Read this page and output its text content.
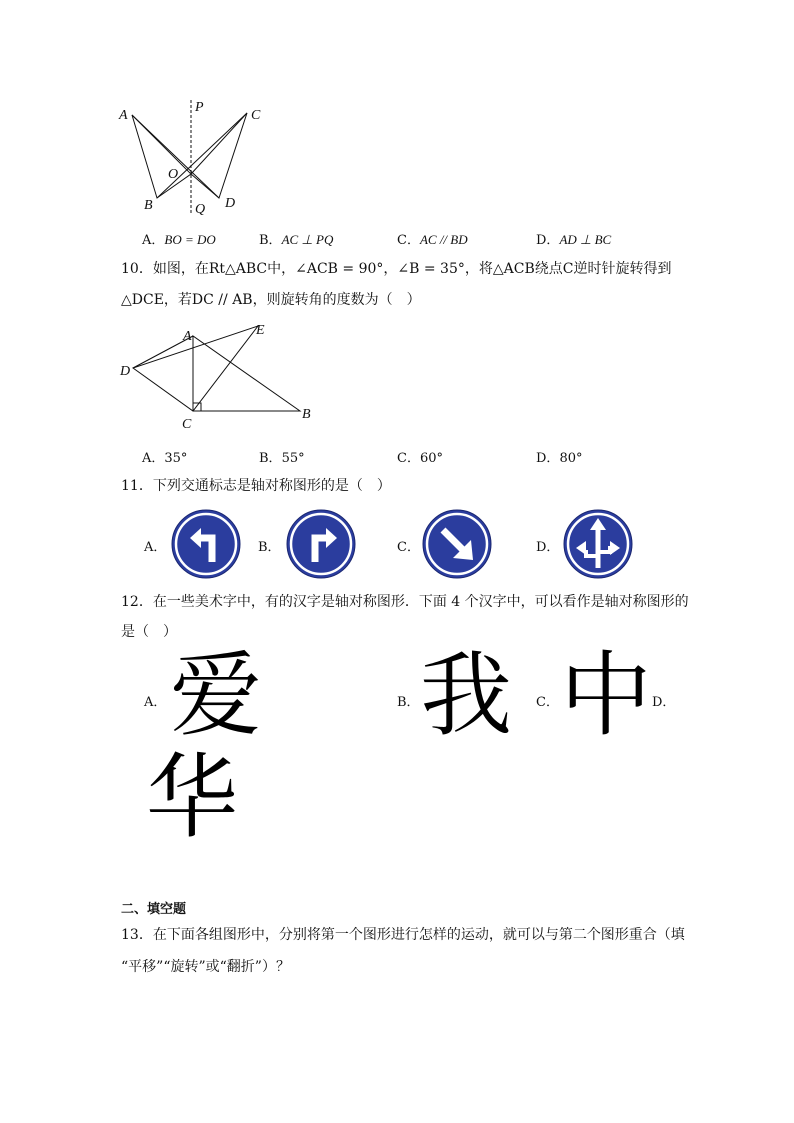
A
P
C
O
B	Q D
A．BO = DO	B．AC ⊥ PQ	C．AC // BD	D．AD ⊥ BC
10．如图，在Rt△ABC中，∠ACB = 90°，∠B = 35°，将△ACB绕点C逆时针旋转得到
△DCE，若DC // AB，则旋转角的度数为（　）
A	E
D
C
B
A．35°	B．55°	C．60°	D．80°
11．下列交通标志是轴对称图形的是（　）
A．	B．	C．	D．
12．在一些美术字中，有的汉字是轴对称图形．下面 4 个汉字中，可以看作是轴对称图形的
是（　）
A． 爱	B． 我 C． 中 D．
华
二、填空题
13．在下面各组图形中，分别将第一个图形进行怎样的运动，就可以与第二个图形重合（填
“平移”“旋转”或“翻折”）？
